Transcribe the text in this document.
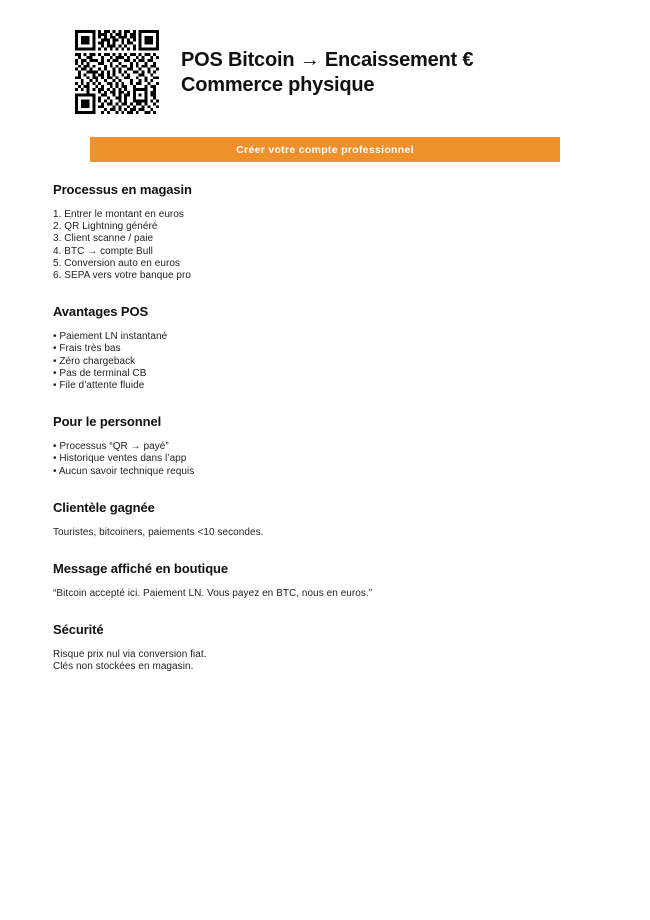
POS Bitcoin → Encaissement €
Commerce physique
Créer votre compte professionnel
Processus en magasin
1. Entrer le montant en euros
2. QR Lightning généré
3. Client scanne / paie
4. BTC → compte Bull
5. Conversion auto en euros
6. SEPA vers votre banque pro
Avantages POS
• Paiement LN instantané
• Frais très bas
• Zéro chargeback
• Pas de terminal CB
• File d’attente fluide
Pour le personnel
• Processus “QR → payé”
• Historique ventes dans l’app
• Aucun savoir technique requis
Clientèle gagnée
Touristes, bitcoiners, paiements <10 secondes.
Message affiché en boutique
“Bitcoin accepté ici. Paiement LN. Vous payez en BTC, nous en euros.”
Sécurité
Risque prix nul via conversion fiat.
Clés non stockées en magasin.
